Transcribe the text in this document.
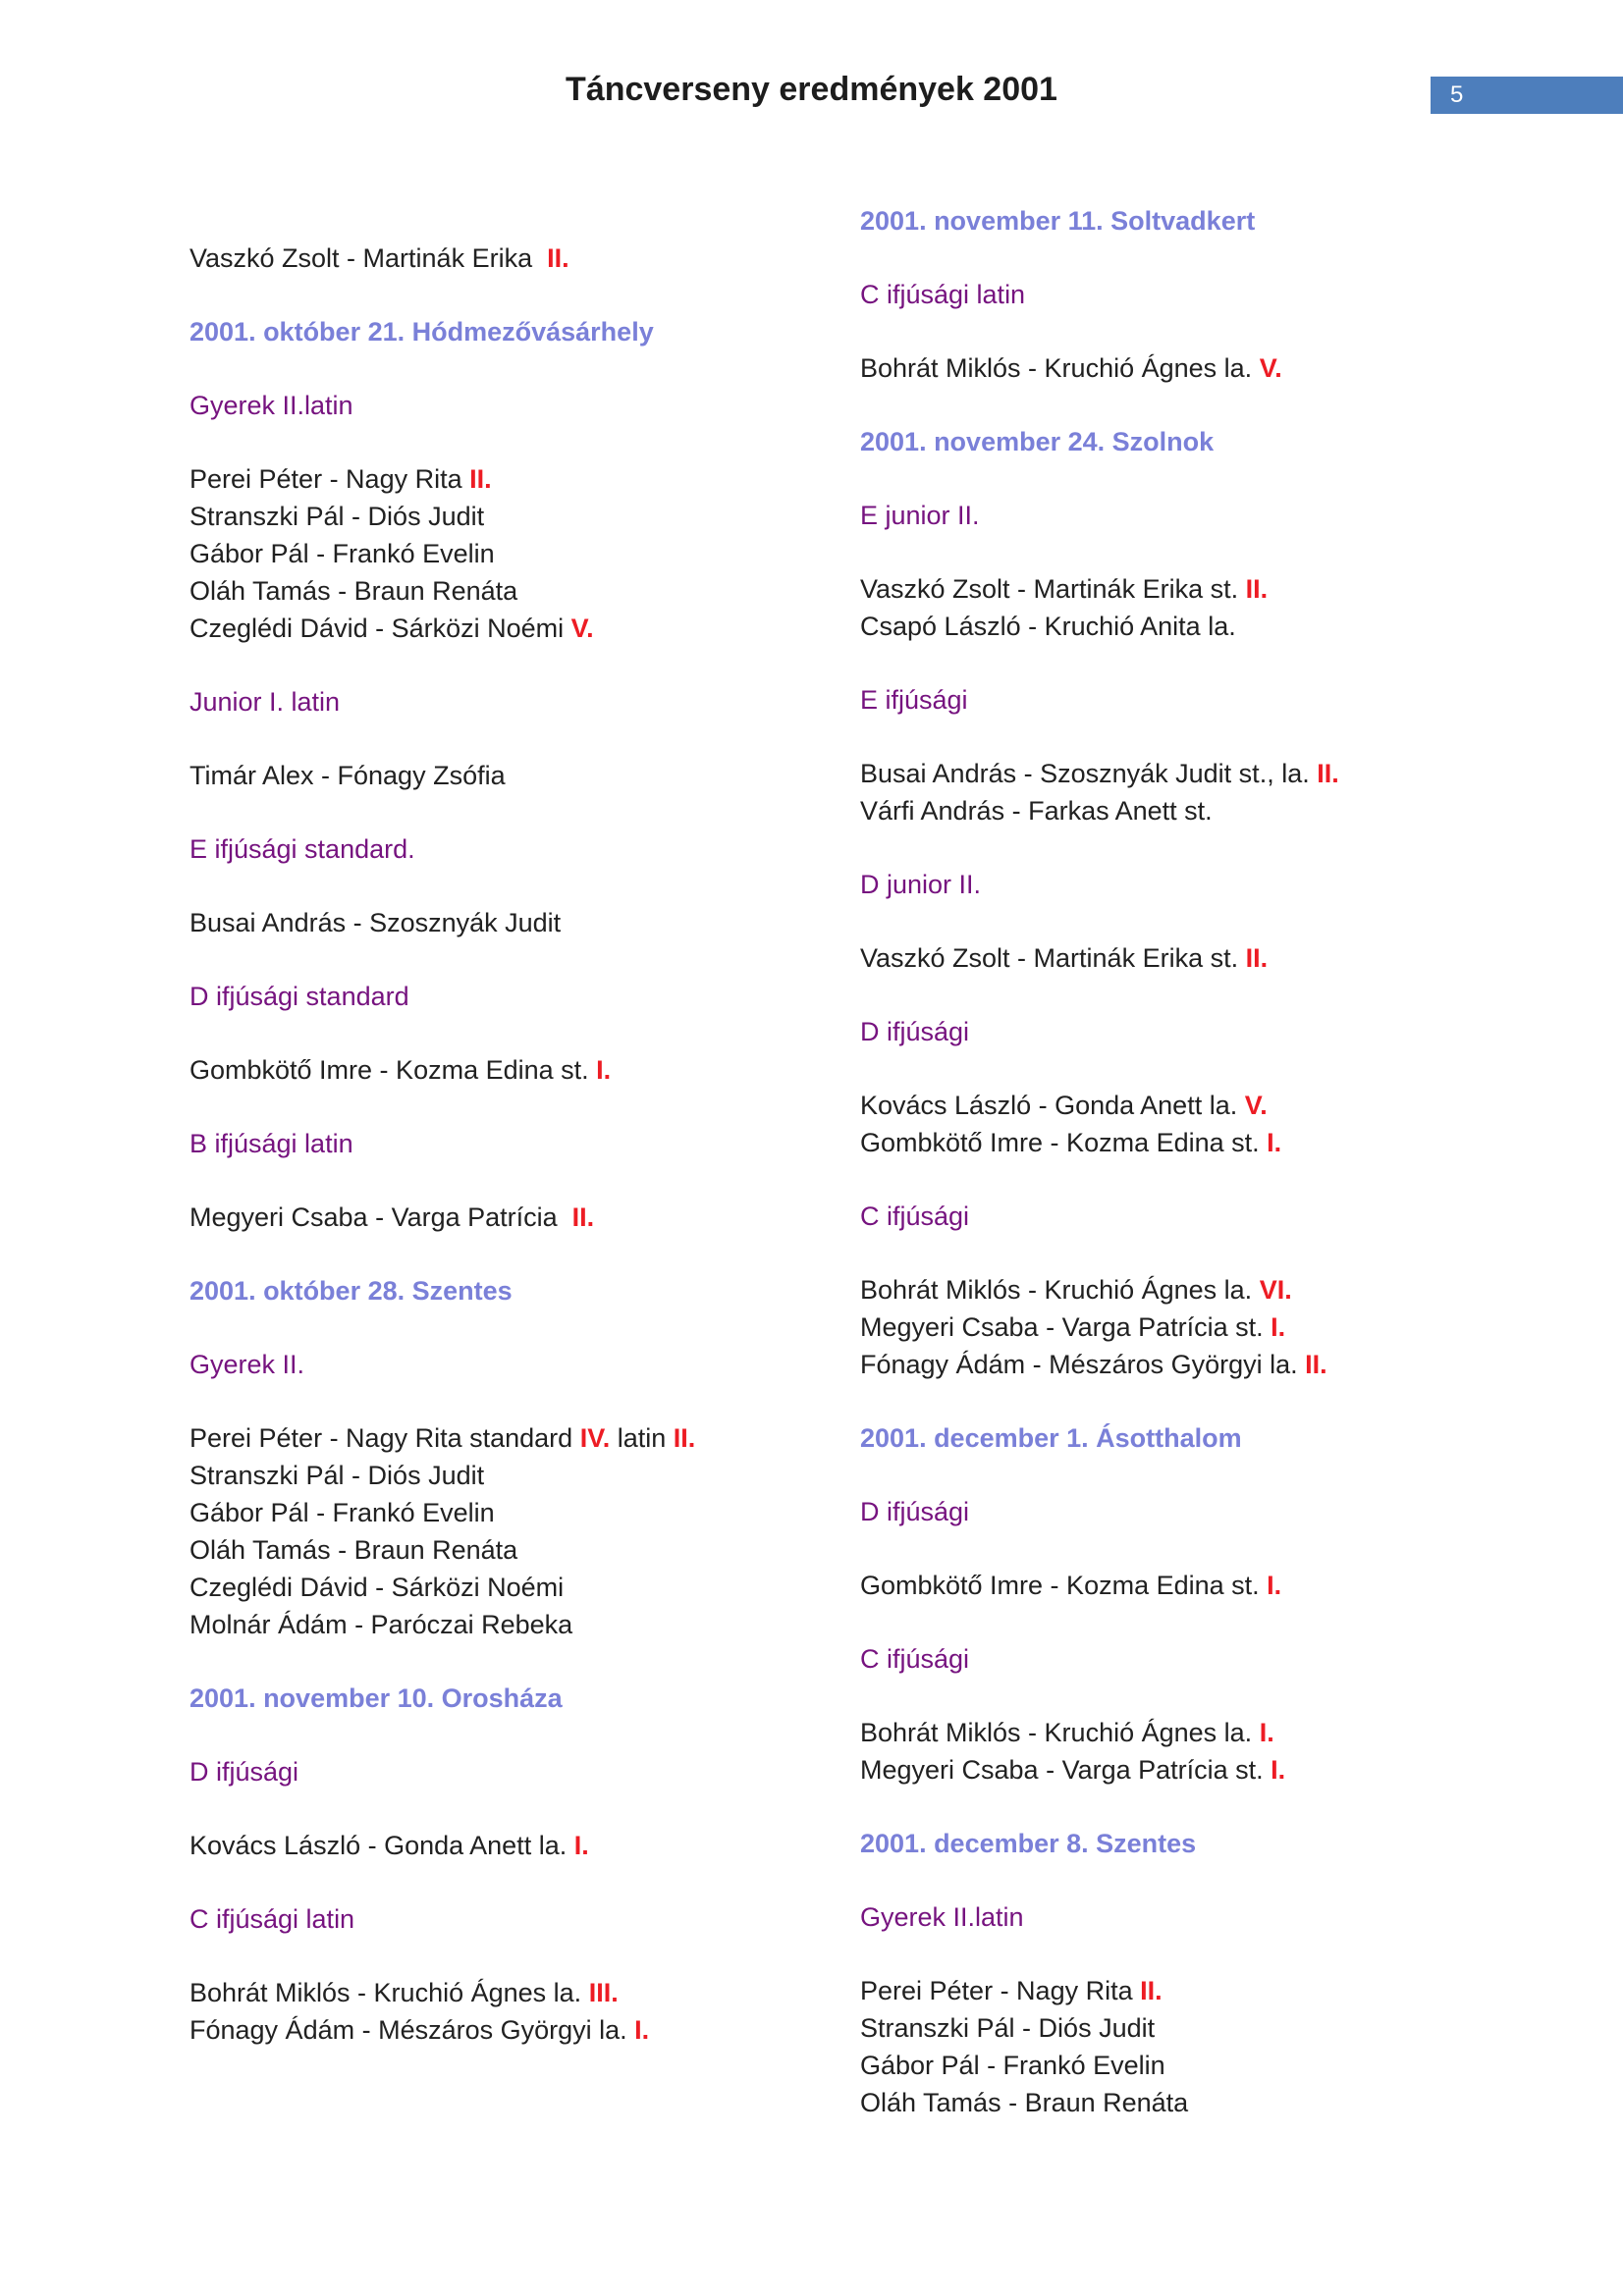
Táncverseny eredmények 2001	5
Vaszkó Zsolt - Martinák Erika  II.
2001. október 21. Hódmezővásárhely
Gyerek II.latin
Perei Péter - Nagy Rita II.
Stranszki Pál - Diós Judit
Gábor Pál - Frankó Evelin
Oláh Tamás - Braun Renáta
Czeglédi Dávid - Sárközi Noémi V.
Junior I. latin
Timár Alex - Fónagy Zsófia
E ifjúsági standard.
Busai András - Szosznyák Judit
D ifjúsági standard
Gombkötő Imre - Kozma Edina st. I.
B ifjúsági latin
Megyeri Csaba - Varga Patrícia  II.
2001. október 28. Szentes
Gyerek II.
Perei Péter - Nagy Rita standard IV. latin II.
Stranszki Pál - Diós Judit
Gábor Pál - Frankó Evelin
Oláh Tamás - Braun Renáta
Czeglédi Dávid - Sárközi Noémi
Molnár Ádám - Paróczai Rebeka
2001. november 10. Orosháza
D ifjúsági
Kovács László - Gonda Anett la. I.
C ifjúsági latin
Bohrát Miklós - Kruchió Ágnes la. III.
Fónagy Ádám - Mészáros Györgyi la. I.
2001. november 11. Soltvadkert
C ifjúsági latin
Bohrát Miklós - Kruchió Ágnes la. V.
2001. november 24. Szolnok
E junior II.
Vaszkó Zsolt - Martinák Erika st. II.
Csapó László - Kruchió Anita la.
E ifjúsági
Busai András - Szosznyák Judit st., la. II.
Várfi András - Farkas Anett st.
D junior II.
Vaszkó Zsolt - Martinák Erika st. II.
D ifjúsági
Kovács László - Gonda Anett la. V.
Gombkötő Imre - Kozma Edina st. I.
C ifjúsági
Bohrát Miklós - Kruchió Ágnes la. VI.
Megyeri Csaba - Varga Patrícia st. I.
Fónagy Ádám - Mészáros Györgyi la. II.
2001. december 1. Ásotthalom
D ifjúsági
Gombkötő Imre - Kozma Edina st. I.
C ifjúsági
Bohrát Miklós - Kruchió Ágnes la. I.
Megyeri Csaba - Varga Patrícia st. I.
2001. december 8. Szentes
Gyerek II.latin
Perei Péter - Nagy Rita II.
Stranszki Pál - Diós Judit
Gábor Pál - Frankó Evelin
Oláh Tamás - Braun Renáta
